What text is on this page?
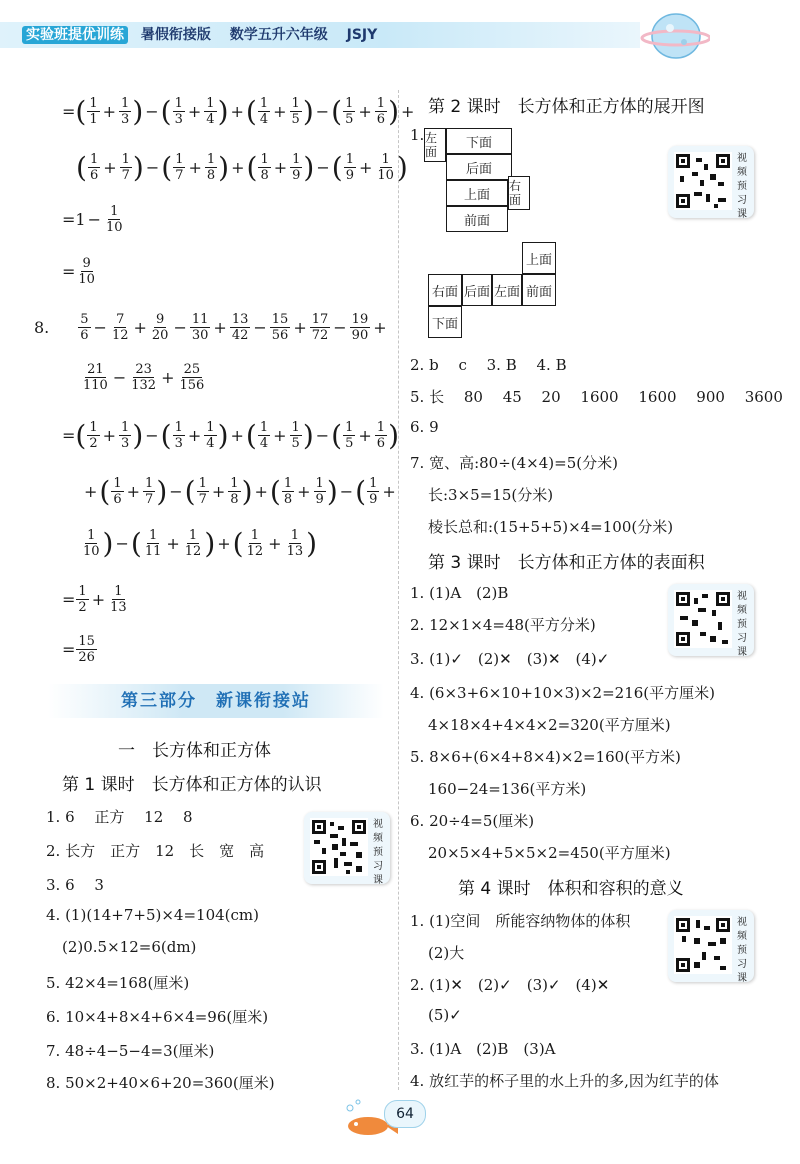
实验班提优训练 暑假衔接版 数学五升六年级 JSJY
= ( $\frac{1}{1} + \frac{1}{3}$ ) − ( $\frac{1}{3} + \frac{1}{4}$ ) + ( $\frac{1}{4} + \frac{1}{5}$ ) − ( $\frac{1}{5} + \frac{1}{6}$ ) +
( $\frac{1}{6} + \frac{1}{7}$ ) − ( $\frac{1}{7} + \frac{1}{8}$ ) + ( $\frac{1}{8} + \frac{1}{9}$ ) − ( $\frac{1}{9} + \frac{1}{10}$ )
= $1 - \frac{1}{10}$
= $\frac{9}{10}$
8. $\frac{5}{6} - \frac{7}{12} + \frac{9}{20} - \frac{11}{30} + \frac{13}{42} - \frac{15}{56} + \frac{17}{72} - \frac{19}{90}$ +
$\frac{21}{110} - \frac{23}{132} + \frac{25}{156}$
= ( $\frac{1}{2} + \frac{1}{3}$ ) − ( $\frac{1}{3} + \frac{1}{4}$ ) + ( $\frac{1}{4} + \frac{1}{5}$ ) − ( $\frac{1}{5} + \frac{1}{6}$ )
+ ( $\frac{1}{6} + \frac{1}{7}$ ) − ( $\frac{1}{7} + \frac{1}{8}$ ) + ( $\frac{1}{8} + \frac{1}{9}$ ) − ( $\frac{1}{9}$ +
$\frac{1}{10}$ ) − ( $\frac{1}{11} + \frac{1}{12}$ ) + ( $\frac{1}{12} + \frac{1}{13}$ )
= $\frac{1}{2} + \frac{1}{13}$
= $\frac{15}{26}$
第三部分　新课衔接站
一　长方体和正方体
第 1 课时　长方体和正方体的认识
1. 6　 正方　 12　 8
2. 长方　正方　12　长　宽　高
3. 6　 3
4. (1)(14+7+5)×4=104(cm)
(2)0.5×12=6(dm)
5. 42×4=168(厘米)
6. 10×4+8×4+6×4=96(厘米)
7. 48÷4−5−4=3(厘米)
8. 50×2+40×6+20=360(厘米)
视频预习课
第 2 课时　长方体和正方体的展开图
1. 左面
下面
后面
上面
右面
前面
视频预习课
上面
右面 后面 左面 前面
下面
2. b　 c　 3. B　 4. B
5. 长　 80　 45　 20　 1600　 1600　 900　 3600
6. 9
7. 宽、高:80÷(4×4)=5(分米)
长:3×5=15(分米)
棱长总和:(15+5+5)×4=100(分米)
第 3 课时　长方体和正方体的表面积
1. (1)A　(2)B
2. 12×1×4=48(平方分米)
3. (1)✓　(2)✕　(3)✕　(4)✓
4. (6×3+6×10+10×3)×2=216(平方厘米)
4×18×4+4×4×2=320(平方厘米)
5. 8×6+(6×4+8×4)×2=160(平方米)
160−24=136(平方米)
6. 20÷4=5(厘米)
20×5×4+5×5×2=450(平方厘米)
视频预习课
第 4 课时　体积和容积的意义
1. (1)空间　所能容纳物体的体积
(2)大
2. (1)✕　(2)✓　(3)✓　(4)✕
(5)✓
3. (1)A　(2)B　(3)A
4. 放红芋的杯子里的水上升的多,因为红芋的体
视频预习课
64
